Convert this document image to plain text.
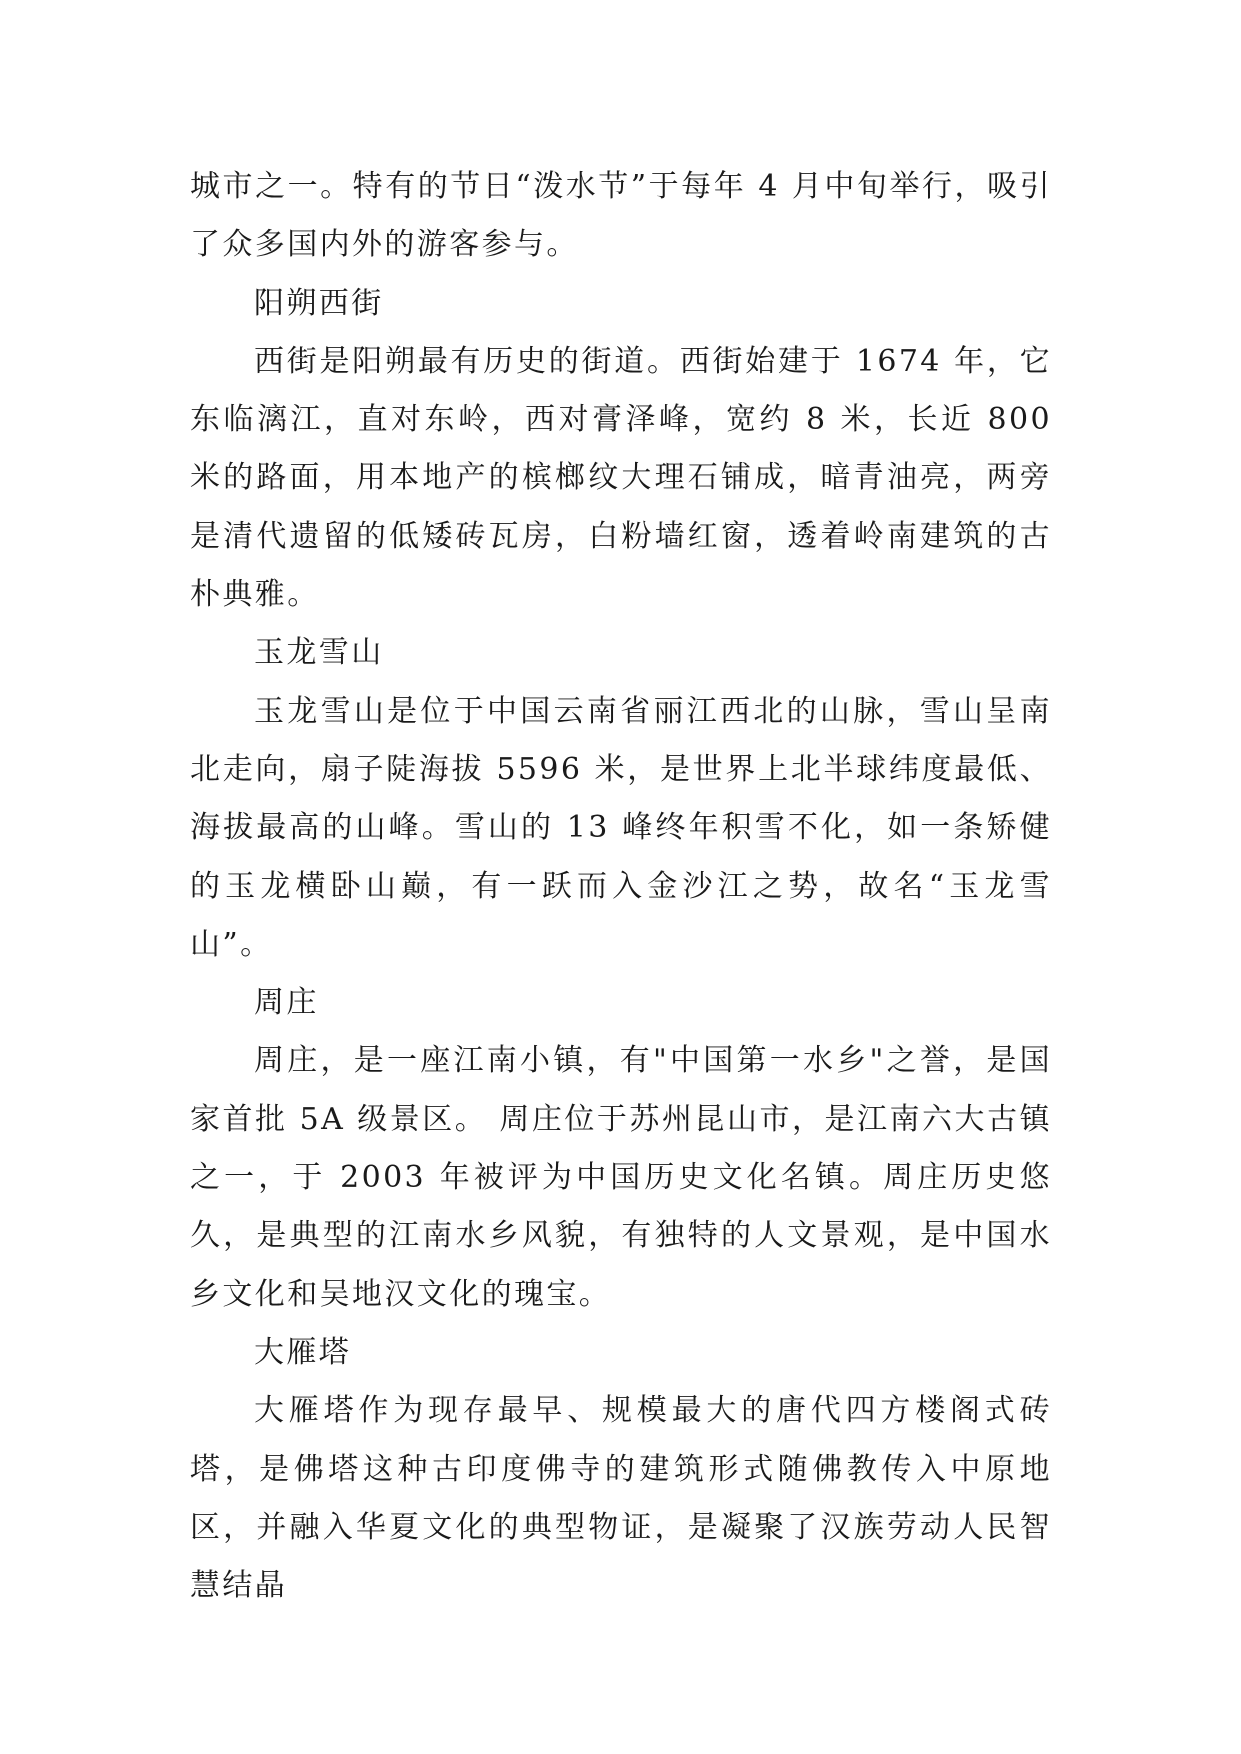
城市之一。特有的节日“泼水节”于每年 4 月中旬举行，吸引了众多国内外的游客参与。

阳朔西街

西街是阳朔最有历史的街道。西街始建于 1674 年，它东临漓江，直对东岭，西对膏泽峰，宽约 8 米，长近 800 米的路面，用本地产的槟榔纹大理石铺成，暗青油亮，两旁是清代遗留的低矮砖瓦房，白粉墙红窗，透着岭南建筑的古朴典雅。

玉龙雪山

玉龙雪山是位于中国云南省丽江西北的山脉，雪山呈南北走向，扇子陡海拔 5596 米，是世界上北半球纬度最低、海拔最高的山峰。雪山的 13 峰终年积雪不化，如一条矫健的玉龙横卧山巅，有一跃而入金沙江之势，故名“玉龙雪山”。

周庄

周庄，是一座江南小镇，有"中国第一水乡"之誉，是国家首批 5A 级景区。 周庄位于苏州昆山市，是江南六大古镇之一，于 2003 年被评为中国历史文化名镇。周庄历史悠久，是典型的江南水乡风貌，有独特的人文景观，是中国水乡文化和吴地汉文化的瑰宝。

大雁塔

大雁塔作为现存最早、规模最大的唐代四方楼阁式砖塔，是佛塔这种古印度佛寺的建筑形式随佛教传入中原地区，并融入华夏文化的典型物证，是凝聚了汉族劳动人民智慧结晶
